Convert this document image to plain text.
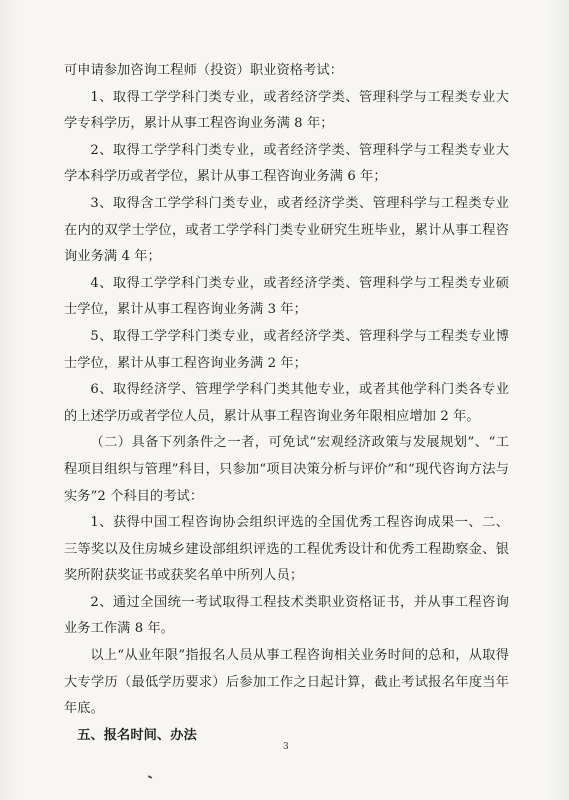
可申请参加咨询工程师（投资）职业资格考试：

1、取得工学学科门类专业，或者经济学类、管理科学与工程类专业大学专科学历，累计从事工程咨询业务满 8 年；

2、取得工学学科门类专业，或者经济学类、管理科学与工程类专业大学本科学历或者学位，累计从事工程咨询业务满 6 年；

3、取得含工学学科门类专业，或者经济学类、管理科学与工程类专业在内的双学士学位，或者工学学科门类专业研究生班毕业，累计从事工程咨询业务满 4 年；

4、取得工学学科门类专业，或者经济学类、管理科学与工程类专业硕士学位，累计从事工程咨询业务满 3 年；

5、取得工学学科门类专业，或者经济学类、管理科学与工程类专业博士学位，累计从事工程咨询业务满 2 年；

6、取得经济学、管理学学科门类其他专业，或者其他学科门类各专业的上述学历或者学位人员，累计从事工程咨询业务年限相应增加 2 年。

（二）具备下列条件之一者，可免试“宏观经济政策与发展规划”、“工程项目组织与管理”科目，只参加“项目决策分析与评价”和“现代咨询方法与实务”2 个科目的考试：

1、获得中国工程咨询协会组织评选的全国优秀工程咨询成果一、二、三等奖以及住房城乡建设部组织评选的工程优秀设计和优秀工程勘察金、银奖所附获奖证书或获奖名单中所列人员；

2、通过全国统一考试取得工程技术类职业资格证书，并从事工程咨询业务工作满 8 年。

以上“从业年限”指报名人员从事工程咨询相关业务时间的总和，从取得大专学历（最低学历要求）后参加工作之日起计算，截止考试报名年度当年年底。

五、报名时间、办法

3
